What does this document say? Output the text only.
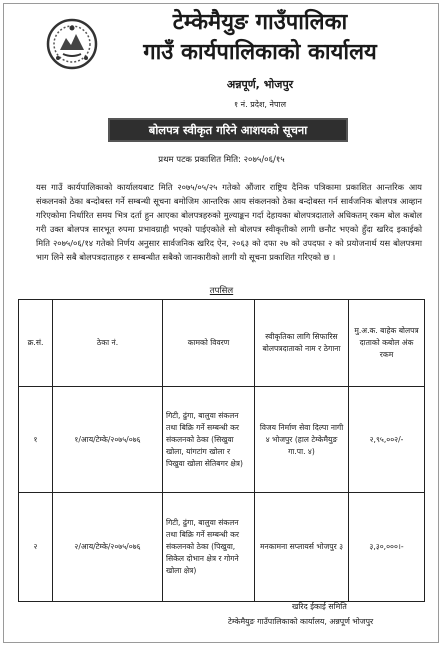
टेम्केमैयुङ गाउँपालिका
गाउँ कार्यपालिकाको कार्यालय
अन्नपूर्ण, भोजपुर
१ नं. प्रदेश, नेपाल
बोलपत्र स्वीकृत गरिने आशयको सूचना
प्रथम पटक प्रकाशित मिति: २०७५/०६/१५
यस गाउँ कार्यपालिकाको कार्यालयबाट मिति २०७५/०५/२५ गतेको औंजार राष्ट्रिय दैनिक पत्रिकामा प्रकाशित आन्तरिक आय संकलनको ठेका बन्दोबस्त गर्ने सम्बन्धी सूचना बमोजिम आन्तरिक आय संकलनको ठेका बन्दोबस्त गर्न सार्वजनिक बोलपत्र आव्हान गरिएकोमा निर्धारित समय भित्र दर्ता हुन आएका बोलपत्रहरुको मुल्याङ्कन गर्दा देहायका बोलपत्रदाताले अधिकतम् रकम बोल कबोल गरी उक्त बोलपत्र सारभूत रुपमा प्रभावग्राही भएको पाईएकोले सो बोलपत्र स्वीकृतीको लागी छनौट भएको हुँदा खरिद इकाईको मिति २०७५/०६/१४ गतेको निर्णय अनुसार सार्वजनिक खरिद ऐन, २०६३ को दफा २७ को उपदफा २ को प्रयोजनार्थ यस बोलपत्रमा भाग लिने सबै बोलपत्रदाताहरु र सम्बन्धीत सबैको जानकारीको लागी यो सूचना प्रकाशित गरिएको छ ।
तपसिल
क्र.सं.	ठेका नं.	कामको विवरण	स्वीकृतिका लागि सिफारिस बोलपत्रदाताको नाम र ठेगाना	मु.अ.क. बाहेक बोलपत्र दाताको कबोल अंक रकम
१	१/आय/टेम्के/२०७५/०७६	गिटी, ढुंगा, बालुवा संकलन तथा बिक्रि गर्ने सम्बन्धी कर संकलनको ठेका (सिखुवा खोला, यांगटांग खोला र पिखुवा खोला सेतिबगर क्षेत्र)	विजय निर्माण सेवा दिल्पा नागी ४ भोजपुर (हाल टेम्केमैयुङ गा.पा. ४)	२,९५,००२/-
२	२/आय/टेम्के/२०७५/०७६	गिटी, ढुंगा, बालुवा संकलन तथा बिक्रि गर्ने सम्बन्धी कर संकलनको ठेका (पिखुवा, सिकेल दोभान क्षेत्र र गोगने खोला क्षेत्र)	मनकामना सप्लायर्स भोजपुर ३	३,३०,०००।-
खरिद ईकाई समिति
टेम्केमैयुङ गाउँपालिकाको कार्यालय, अन्नपूर्ण भोजपुर
